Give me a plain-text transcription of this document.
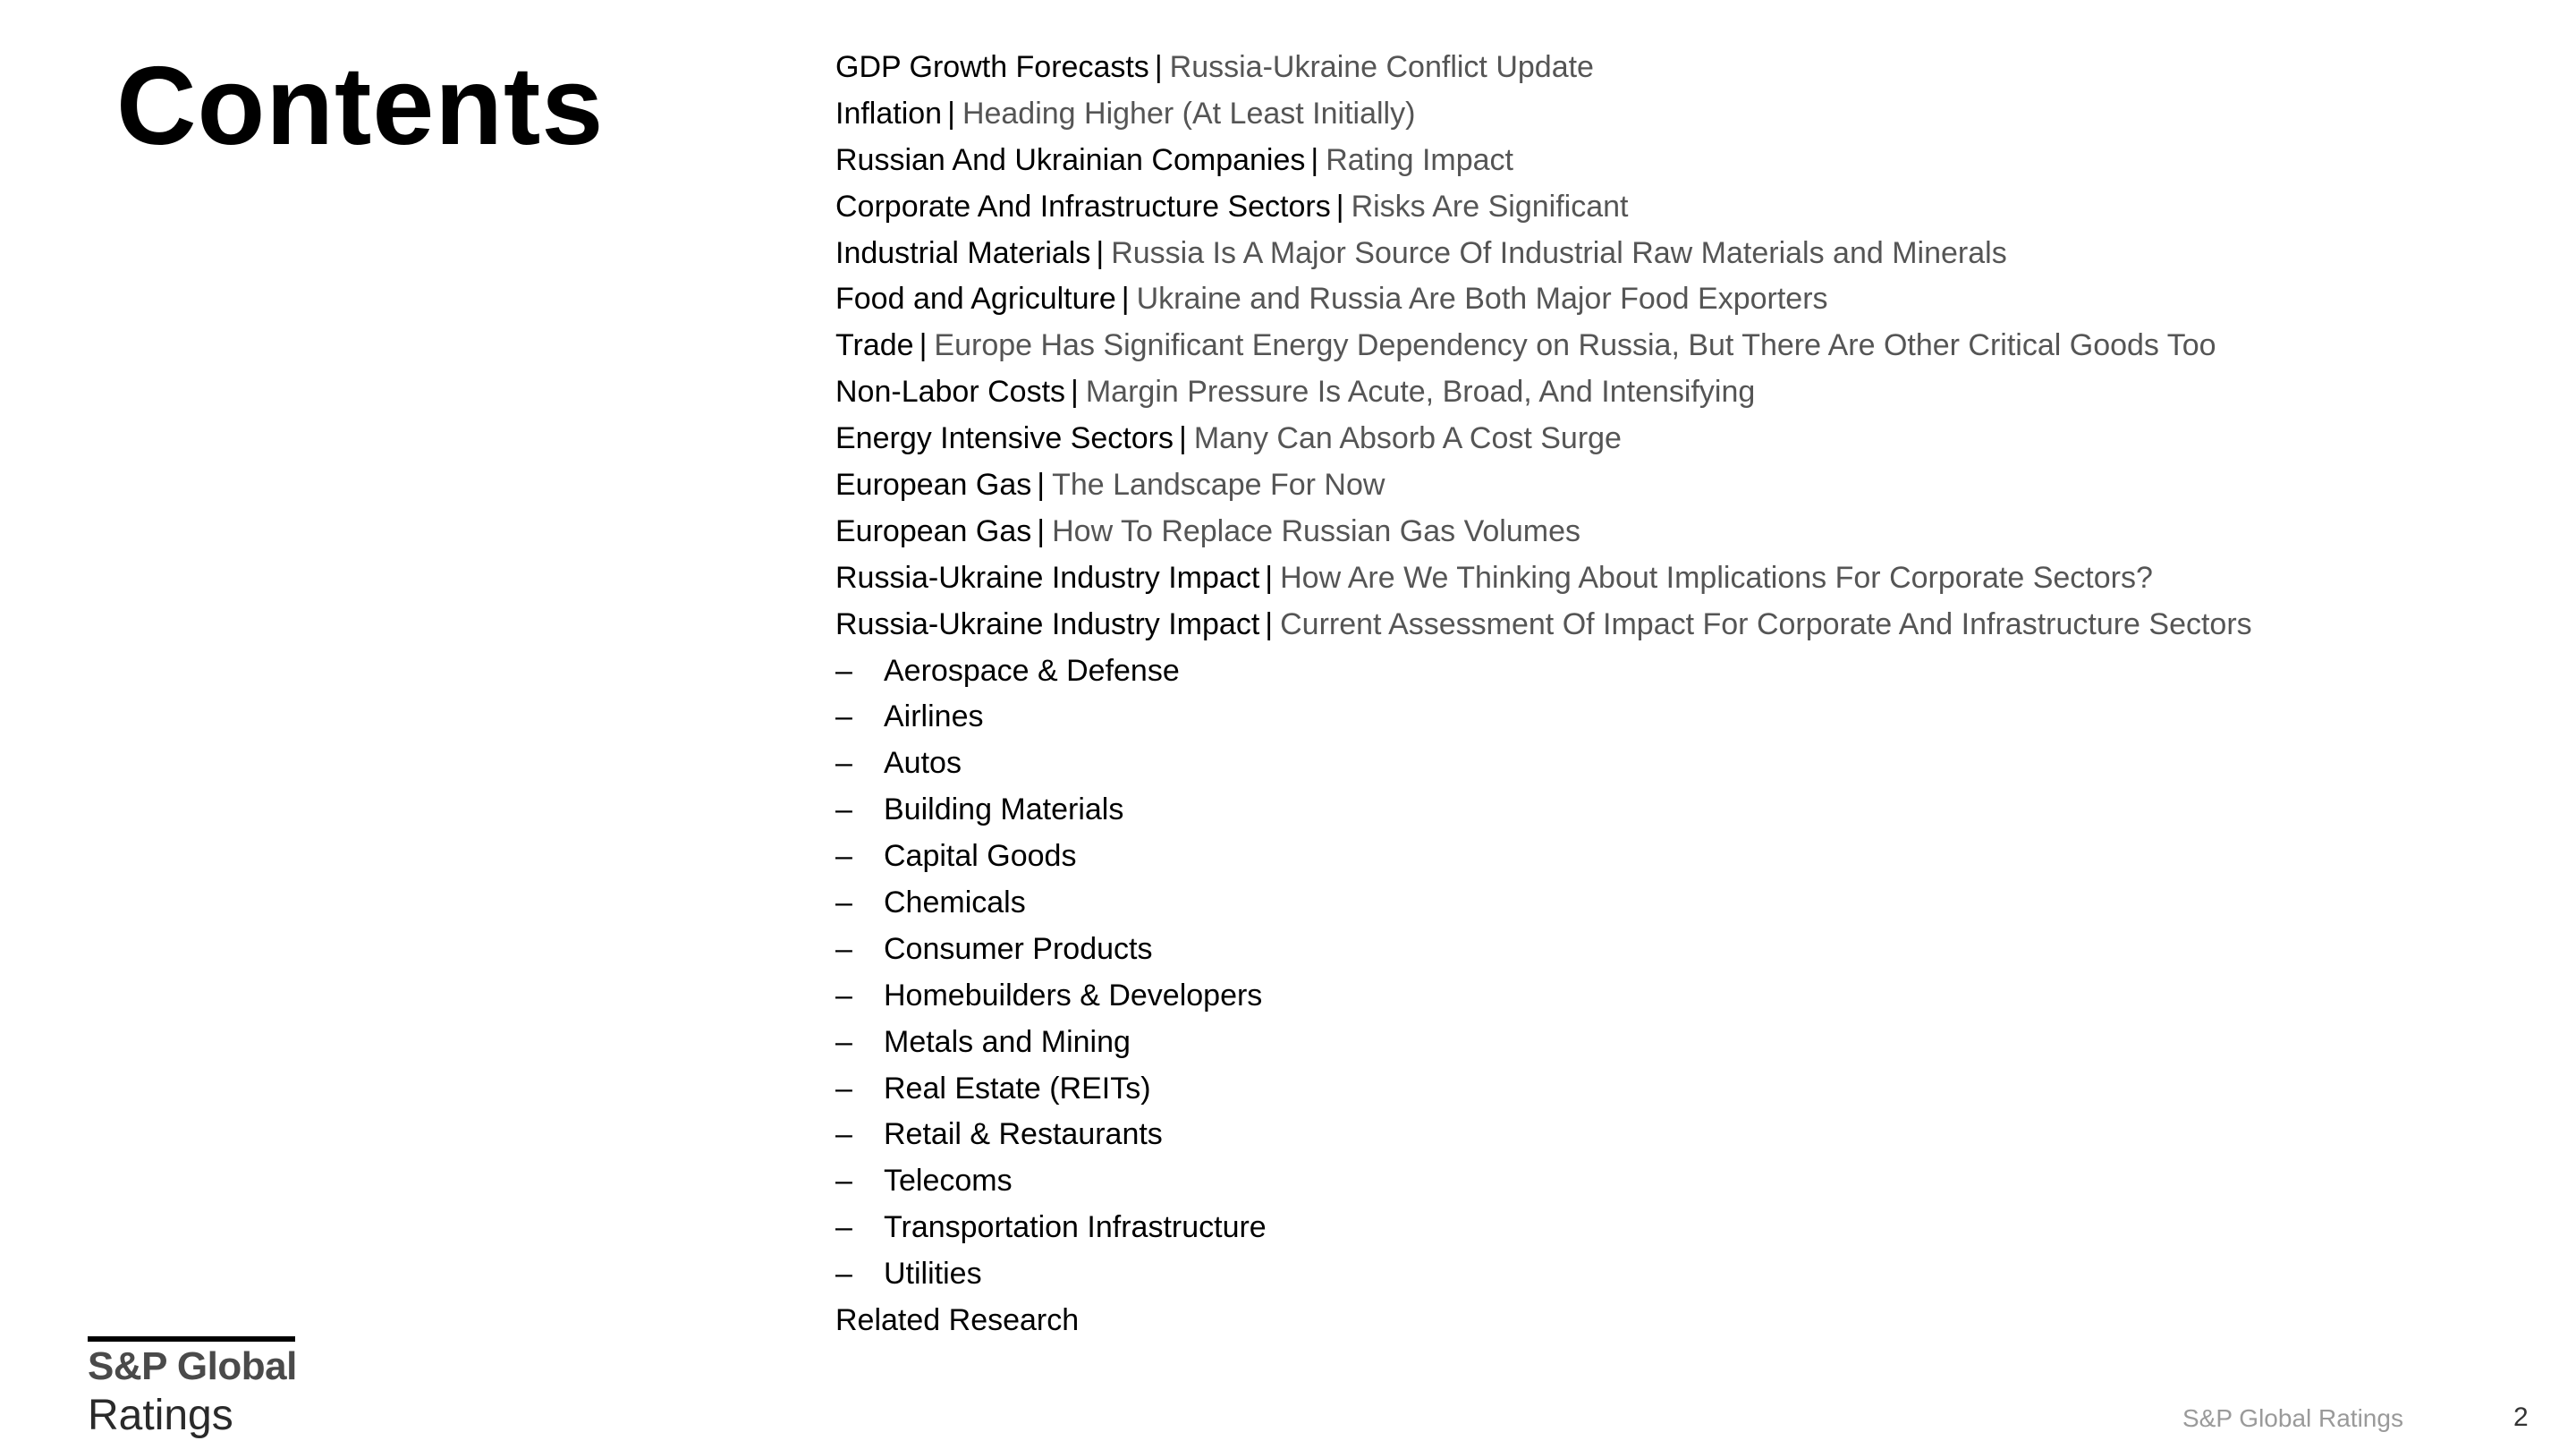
Contents	GDP Growth Forecasts | Russia-Ukraine Conflict Update
Inflation | Heading Higher (At Least Initially)
Russian And Ukrainian Companies | Rating Impact
Corporate And Infrastructure Sectors | Risks Are Significant
Industrial Materials | Russia Is A Major Source Of Industrial Raw Materials and Minerals
Food and Agriculture | Ukraine and Russia Are Both Major Food Exporters
Trade | Europe Has Significant Energy Dependency on Russia, But There Are Other Critical Goods Too
Non-Labor Costs | Margin Pressure Is Acute, Broad, And Intensifying
Energy Intensive Sectors | Many Can Absorb A Cost Surge
European Gas | The Landscape For Now
European Gas | How To Replace Russian Gas Volumes
Russia-Ukraine Industry Impact | How Are We Thinking About Implications For Corporate Sectors?
Russia-Ukraine Industry Impact | Current Assessment Of Impact For Corporate And Infrastructure Sectors
– Aerospace & Defense
– Airlines
– Autos
– Building Materials
– Capital Goods
– Chemicals
– Consumer Products
– Homebuilders & Developers
– Metals and Mining
– Real Estate (REITs)
– Retail & Restaurants
– Telecoms
– Transportation Infrastructure
– Utilities
Related Research
S&P Global
Ratings	S&P Global Ratings	2
